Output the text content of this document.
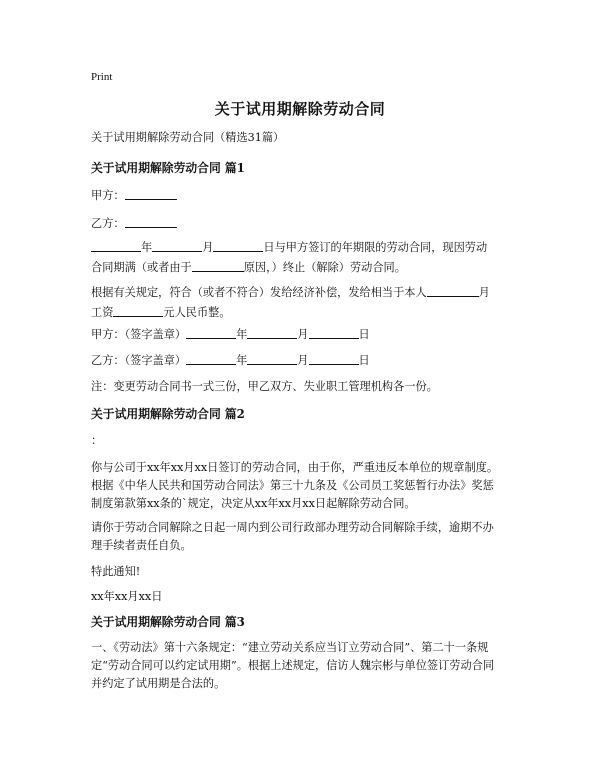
Print
关于试用期解除劳动合同
关于试用期解除劳动合同（精选31篇）
关于试用期解除劳动合同 篇1
甲方：
乙方：
年	月	日与甲方签订的年期限的劳动合同，现因劳动
合同期满（或者由于	原因，）终止（解除）劳动合同。
根据有关规定，符合（或者不符合）发给经济补偿，发给相当于本人	月
工资	元人民币整。
甲方：（签字盖章）	年	月	日
乙方：（签字盖章）	年	月	日
注：变更劳动合同书一式三份，甲乙双方、失业职工管理机构各一份。
关于试用期解除劳动合同 篇2
：
你与公司于xx年xx月xx日签订的劳动合同，由于你，严重违反本单位的规章制度。
根据《中华人民共和国劳动合同法》第三十九条及《公司员工奖惩暂行办法》奖惩
制度第款第xx条的`规定，决定从xx年xx月xx日起解除劳动合同。
请你于劳动合同解除之日起一周内到公司行政部办理劳动合同解除手续，逾期不办
理手续者责任自负。
特此通知!
xx年xx月xx日
关于试用期解除劳动合同 篇3
一、《劳动法》第十六条规定：“建立劳动关系应当订立劳动合同”、第二十一条规
定“劳动合同可以约定试用期”。根据上述规定，信访人魏宗彬与单位签订劳动合同
并约定了试用期是合法的。
